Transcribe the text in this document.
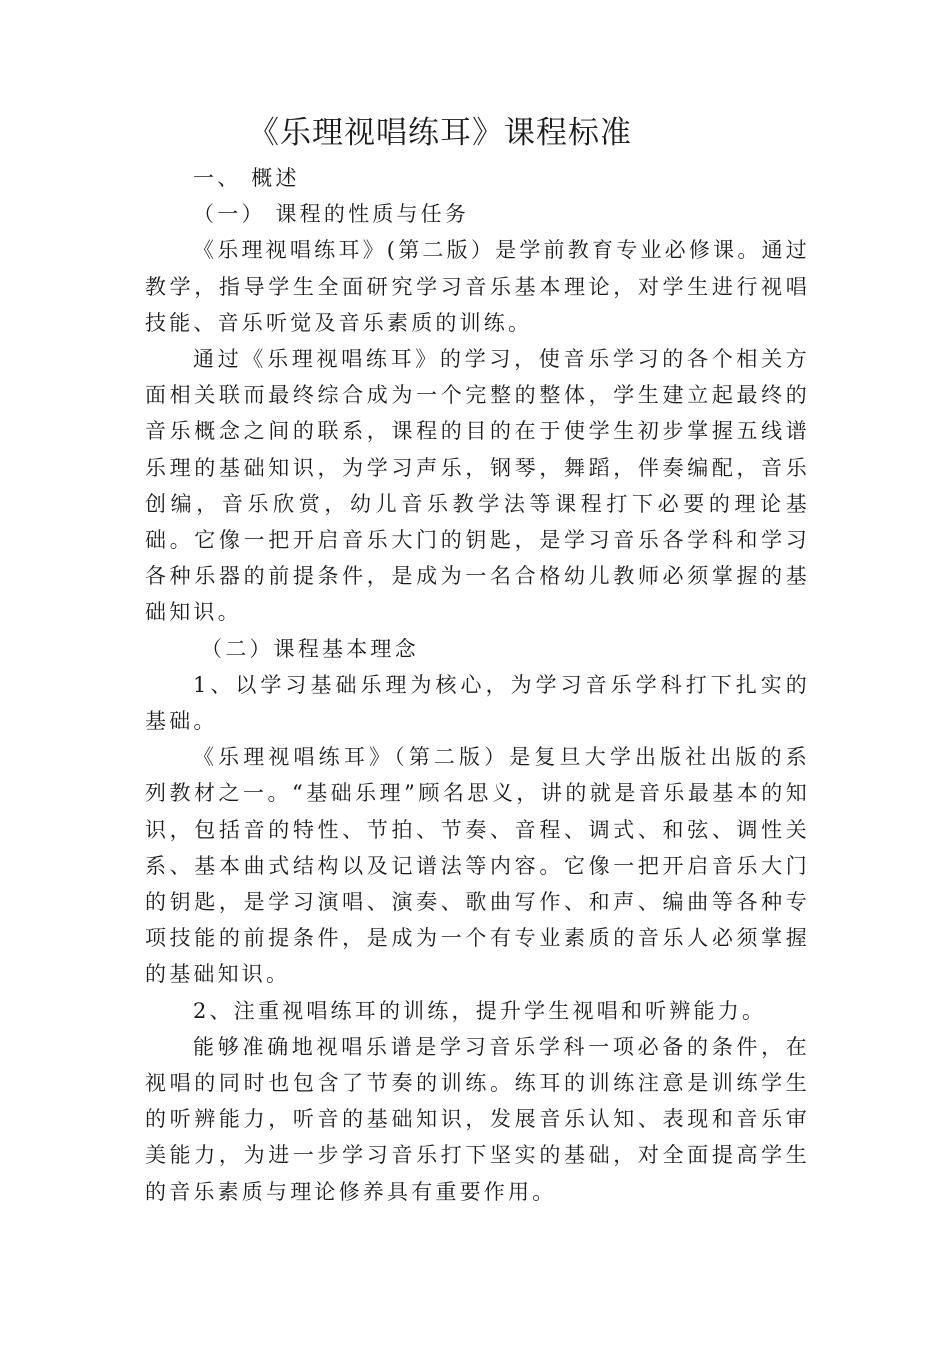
《乐理视唱练耳》课程标准

一、 概述

（一） 课程的性质与任务

《乐理视唱练耳》(第二版）是学前教育专业必修课。通过教学，指导学生全面研究学习音乐基本理论，对学生进行视唱技能、音乐听觉及音乐素质的训练。

通过《乐理视唱练耳》的学习，使音乐学习的各个相关方面相关联而最终综合成为一个完整的整体，学生建立起最终的音乐概念之间的联系，课程的目的在于使学生初步掌握五线谱乐理的基础知识，为学习声乐，钢琴，舞蹈，伴奏编配，音乐创编，音乐欣赏，幼儿音乐教学法等课程打下必要的理论基础。它像一把开启音乐大门的钥匙，是学习音乐各学科和学习各种乐器的前提条件，是成为一名合格幼儿教师必须掌握的基础知识。

（二）课程基本理念

1、以学习基础乐理为核心，为学习音乐学科打下扎实的基础。

《乐理视唱练耳》（第二版）是复旦大学出版社出版的系列教材之一。“基础乐理”顾名思义，讲的就是音乐最基本的知识，包括音的特性、节拍、节奏、音程、调式、和弦、调性关系、基本曲式结构以及记谱法等内容。它像一把开启音乐大门的钥匙，是学习演唱、演奏、歌曲写作、和声、编曲等各种专项技能的前提条件，是成为一个有专业素质的音乐人必须掌握的基础知识。

2、注重视唱练耳的训练，提升学生视唱和听辨能力。

能够准确地视唱乐谱是学习音乐学科一项必备的条件，在视唱的同时也包含了节奏的训练。练耳的训练注意是训练学生的听辨能力，听音的基础知识，发展音乐认知、表现和音乐审美能力，为进一步学习音乐打下坚实的基础，对全面提高学生的音乐素质与理论修养具有重要作用。
